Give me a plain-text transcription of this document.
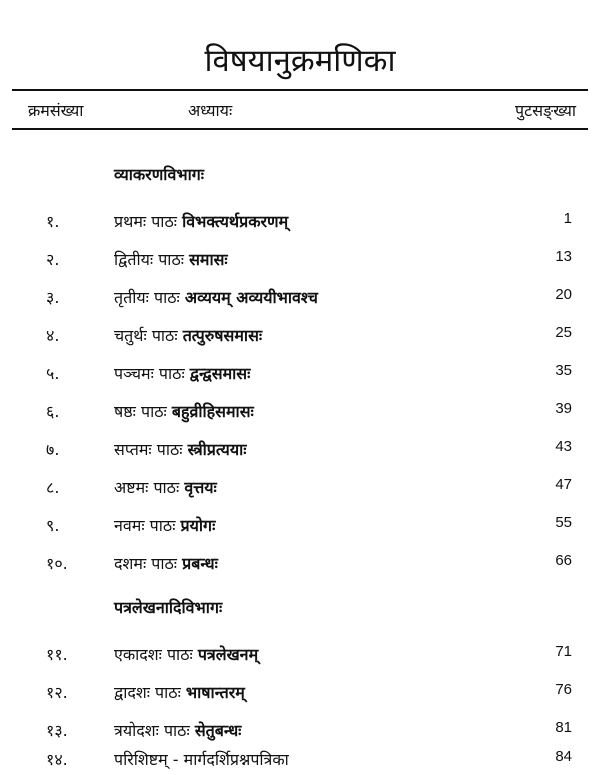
विषयानुक्रमणिका
क्रमसंख्या	अध्यायः	पुटसङ्ख्या
व्याकरणविभागः
१.	प्रथमः पाठः विभक्त्यर्थप्रकरणम्	1
२.	द्वितीयः पाठः समासः	13
३.	तृतीयः पाठः अव्ययम् अव्ययीभावश्च	20
४.	चतुर्थः पाठः तत्पुरुषसमासः	25
५.	पञ्चमः पाठः द्वन्द्वसमासः	35
६.	षष्ठः पाठः बहुव्रीहिसमासः	39
७.	सप्तमः पाठः स्त्रीप्रत्ययाः	43
८.	अष्टमः पाठः वृत्तयः	47
९.	नवमः पाठः प्रयोगः	55
१०.	दशमः पाठः प्रबन्धः	66
पत्रलेखनादिविभागः
११.	एकादशः पाठः पत्रलेखनम्	71
१२.	द्वादशः पाठः भाषान्तरम्	76
१३.	त्रयोदशः पाठः सेतुबन्धः	81
१४.	परिशिष्टम् - मार्गदर्शिप्रश्नपत्रिका	84
